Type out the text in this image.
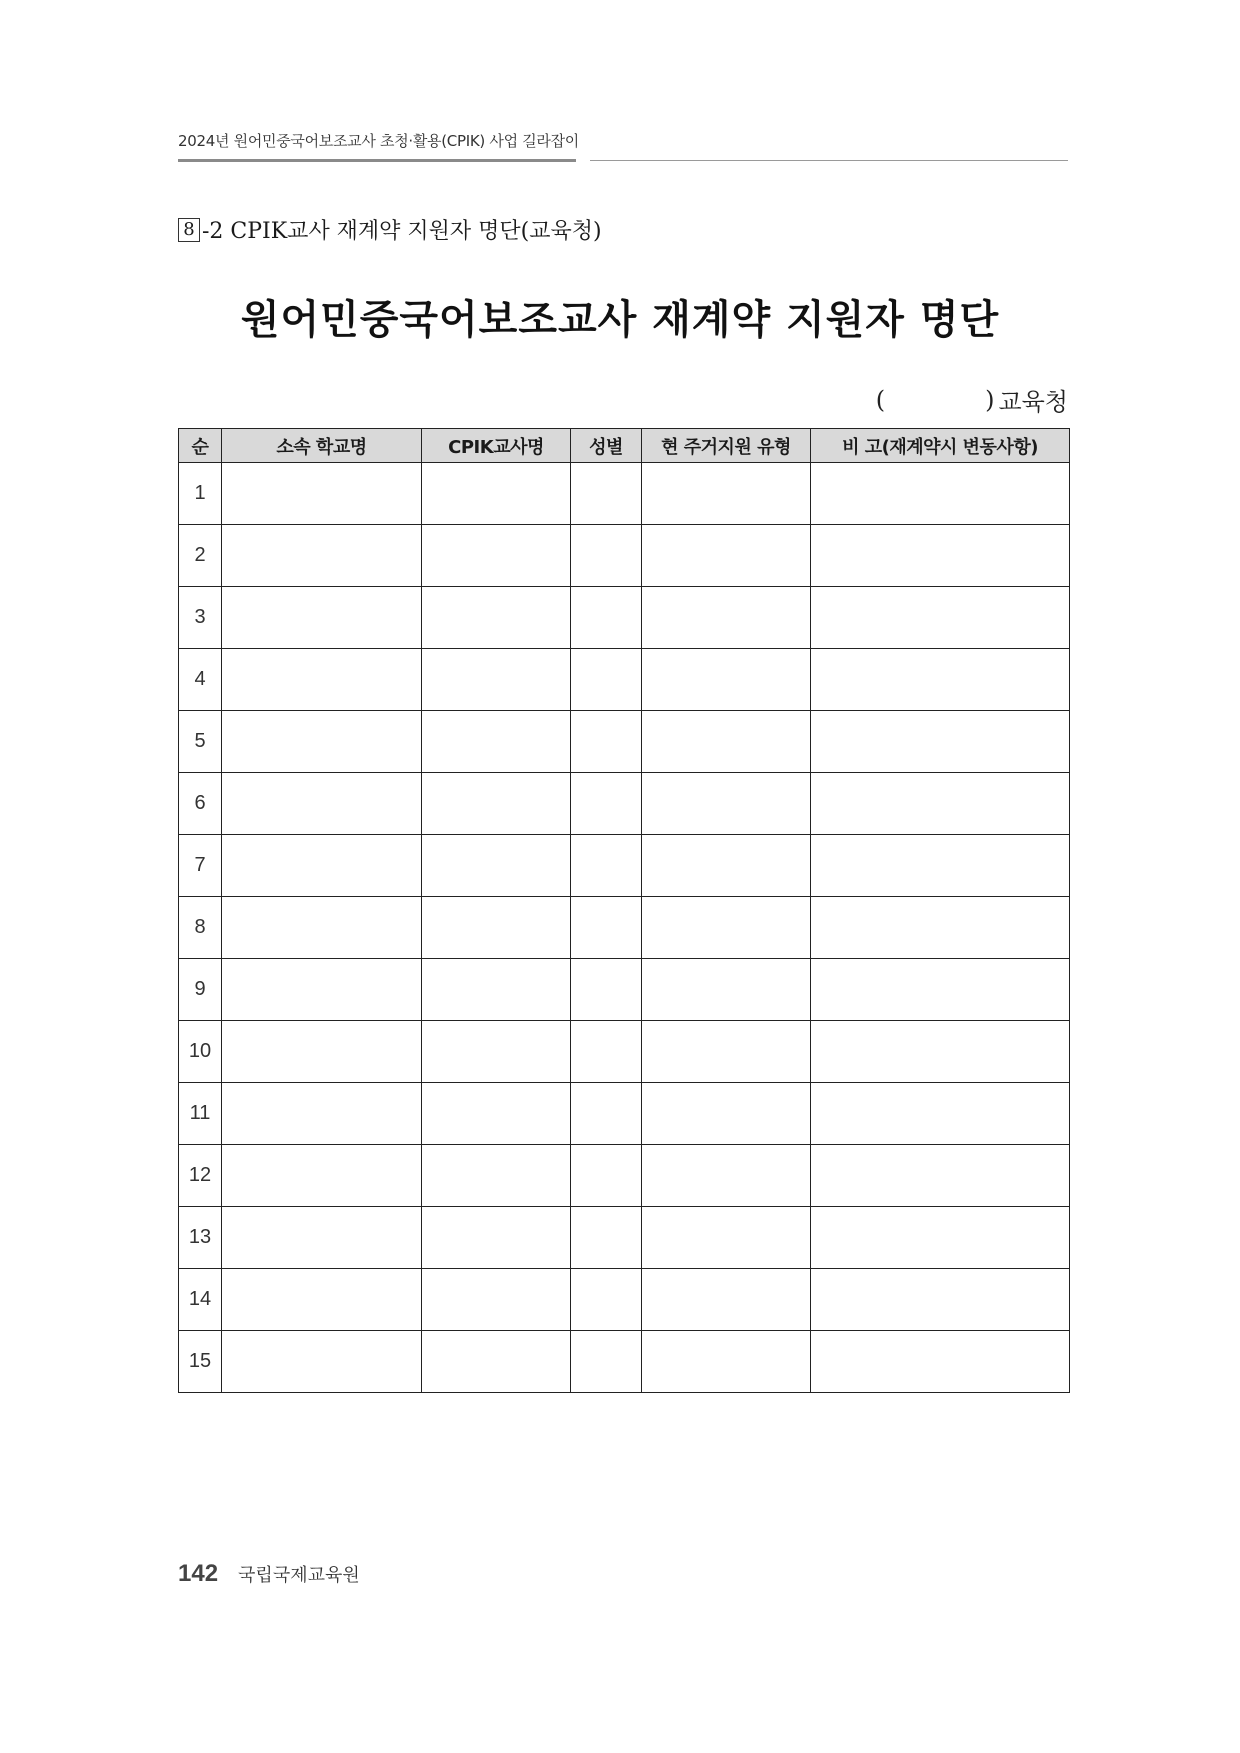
2024년 원어민중국어보조교사 초청·활용(CPIK) 사업 길라잡이
8 -2 CPIK교사 재계약 지원자 명단(교육청)
원어민중국어보조교사 재계약 지원자 명단
(	) 교육청
순	소속 학교명	CPIK교사명	성별	현 주거지원 유형	비 고(재계약시 변동사항)
1					
2					
3					
4					
5					
6					
7					
8					
9					
10					
11					
12					
13					
14					
15					
142 국립국제교육원
